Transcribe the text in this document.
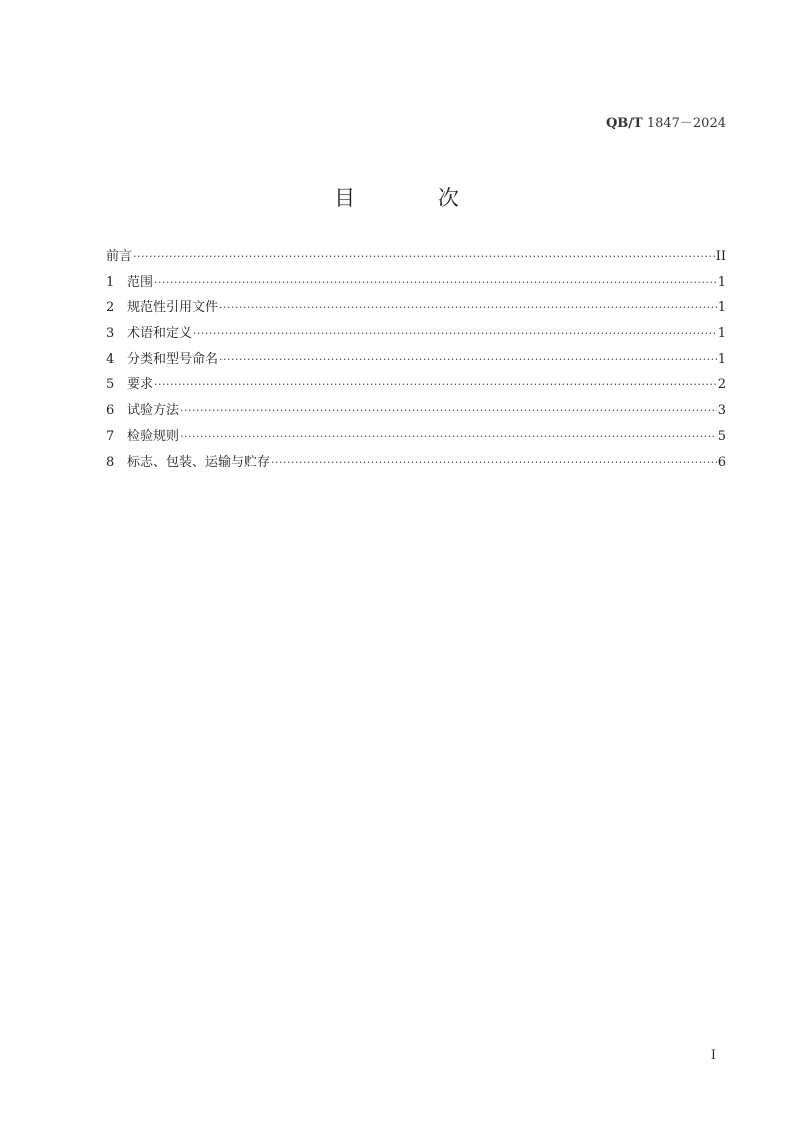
QB/T 1847－2024
目 次
前言 ·····	II
1 范围 ·····	1
2 规范性引用文件 ·····	1
3 术语和定义 ·····	1
4 分类和型号命名 ·····	1
5 要求 ·····	2
6 试验方法 ·····	3
7 检验规则 ·····	5
8 标志、包装、运输与贮存 ·····	6
I
